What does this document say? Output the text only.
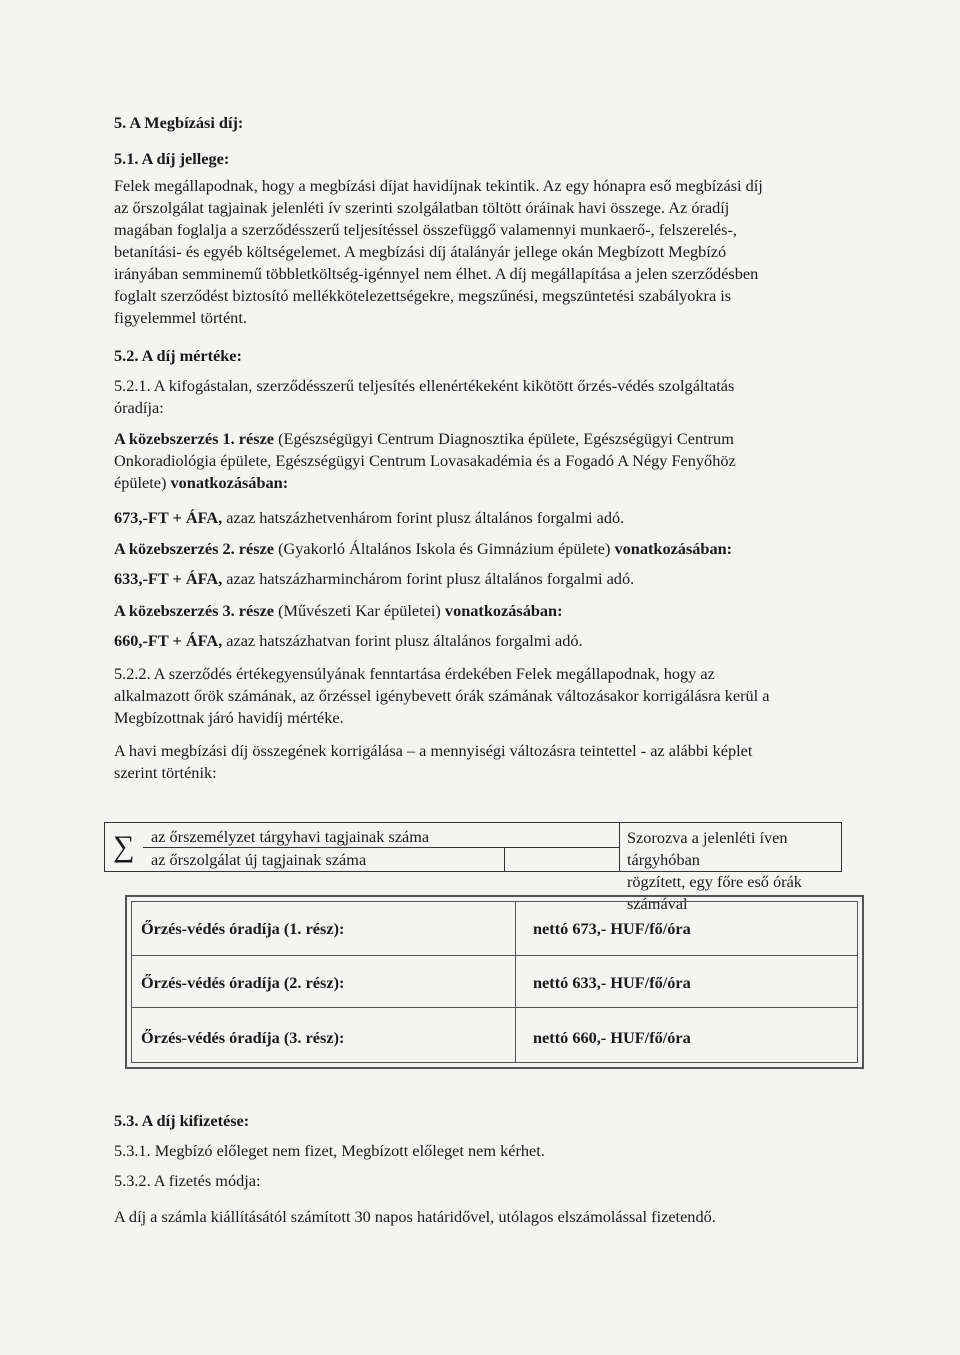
5. A Megbízási díj:
5.1. A díj jellege:
Felek megállapodnak, hogy a megbízási díjat havidíjnak tekintik. Az egy hónapra eső megbízási díj
az őrszolgálat tagjainak jelenléti ív szerinti szolgálatban töltött óráinak havi összege. Az óradíj
magában foglalja a szerződésszerű teljesítéssel összefüggő valamennyi munkaerő-, felszerelés-,
betanítási- és egyéb költségelemet. A megbízási díj átalányár jellege okán Megbízott Megbízó
irányában semminemű többletköltség-igénnyel nem élhet. A díj megállapítása a jelen szerződésben
foglalt szerződést biztosító mellékkötelezettségekre, megszűnési, megszüntetési szabályokra is
figyelemmel történt.
5.2. A díj mértéke:
5.2.1. A kifogástalan, szerződésszerű teljesítés ellenértékeként kikötött őrzés-védés szolgáltatás
óradíja:
A közebszerzés 1. része (Egészségügyi Centrum Diagnosztika épülete, Egészségügyi Centrum
Onkoradiológia épülete, Egészségügyi Centrum Lovasakadémia és a Fogadó A Négy Fenyőhöz
épülete) vonatkozásában:
673,-FT + ÁFA, azaz hatszázhetvenhárom forint plusz általános forgalmi adó.
A közebszerzés 2. része (Gyakorló Általános Iskola és Gimnázium épülete) vonatkozásában:
633,-FT + ÁFA, azaz hatszázharminchárom forint plusz általános forgalmi adó.
A közebszerzés 3. része (Művészeti Kar épületei) vonatkozásában:
660,-FT + ÁFA, azaz hatszázhatvan forint plusz általános forgalmi adó.
5.2.2. A szerződés értékegyensúlyának fenntartása érdekében Felek megállapodnak, hogy az
alkalmazott őrök számának, az őrzéssel igénybevett órák számának változásakor korrigálásra kerül a
Megbízottnak járó havidíj mértéke.
A havi megbízási díj összegének korrigálása – a mennyiségi változásra teintettel - az alábbi képlet
szerint történik:
∑ az őrszemélyzet tárgyhavi tagjainak száma
az őrszolgálat új tagjainak száma
Szorozva a jelenléti íven tárgyhóban
rögzített, egy főre eső órák számával
Őrzés-védés óradíja (1. rész):	nettó 673,- HUF/fő/óra
Őrzés-védés óradíja (2. rész):	nettó 633,- HUF/fő/óra
Őrzés-védés óradíja (3. rész):	nettó 660,- HUF/fő/óra
5.3. A díj kifizetése:
5.3.1. Megbízó előleget nem fizet, Megbízott előleget nem kérhet.
5.3.2. A fizetés módja:
A díj a számla kiállításától számított 30 napos határidővel, utólagos elszámolással fizetendő.
